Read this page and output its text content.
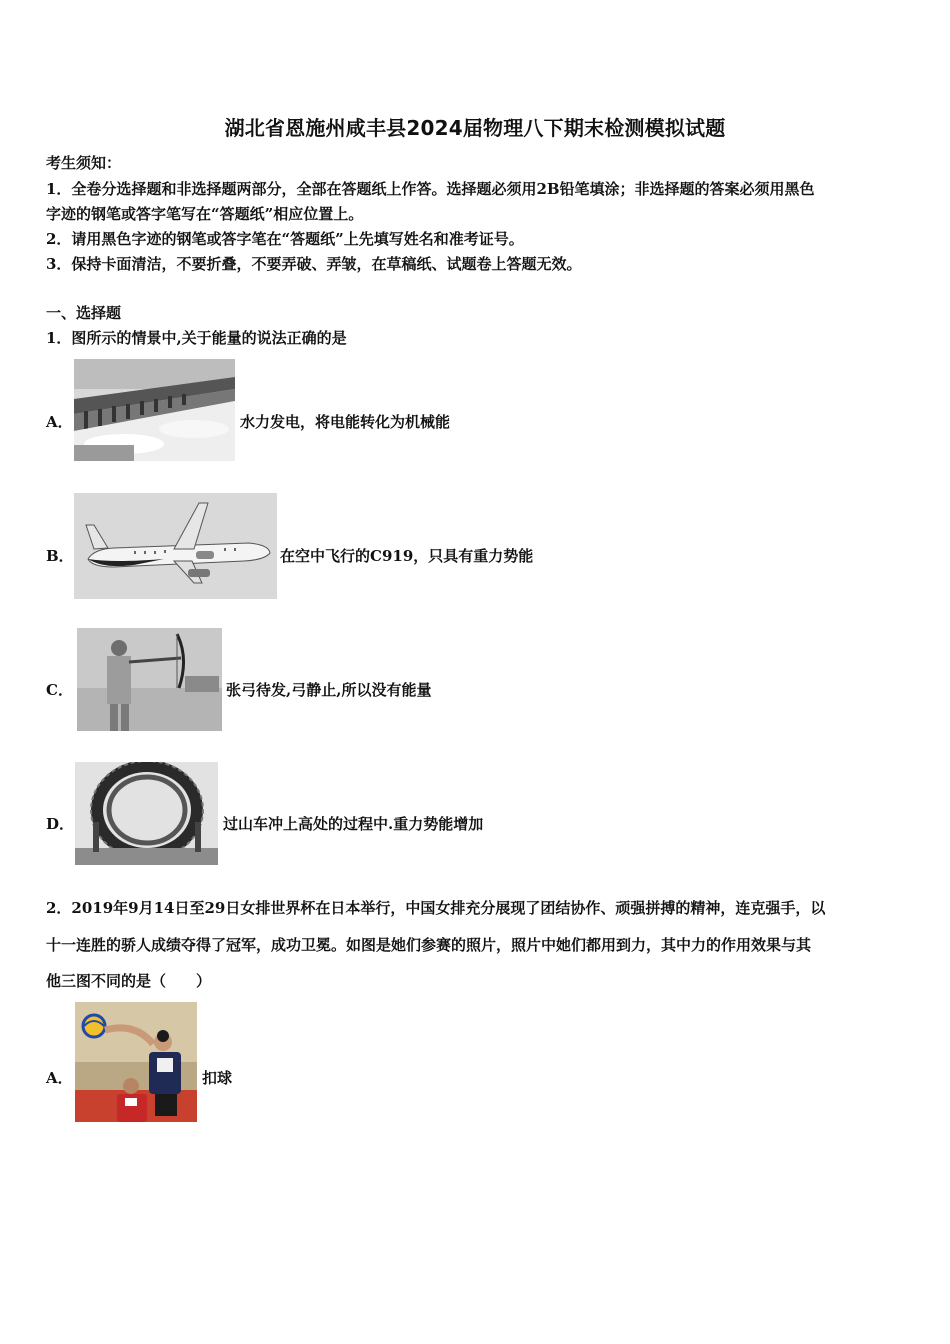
湖北省恩施州咸丰县2024届物理八下期末检测模拟试题
考生须知：
1．全卷分选择题和非选择题两部分，全部在答题纸上作答。选择题必须用2B铅笔填涂；非选择题的答案必须用黑色
字迹的钢笔或答字笔写在“答题纸”相应位置上。
2．请用黑色字迹的钢笔或答字笔在“答题纸”上先填写姓名和准考证号。
3．保持卡面清洁，不要折叠，不要弄破、弄皱，在草稿纸、试题卷上答题无效。
一、选择题
1．图所示的情景中,关于能量的说法正确的是
A．	水力发电，将电能转化为机械能
B．	在空中飞行的C919，只具有重力势能
C．	张弓待发,弓静止,所以没有能量
D．	过山车冲上高处的过程中.重力势能增加
2．2019年9月14日至29日女排世界杯在日本举行，中国女排充分展现了团结协作、顽强拼搏的精神，连克强手，以
十一连胜的骄人成绩夺得了冠军，成功卫冕。如图是她们参赛的照片，照片中她们都用到力，其中力的作用效果与其
他三图不同的是（　　）
A．	扣球
